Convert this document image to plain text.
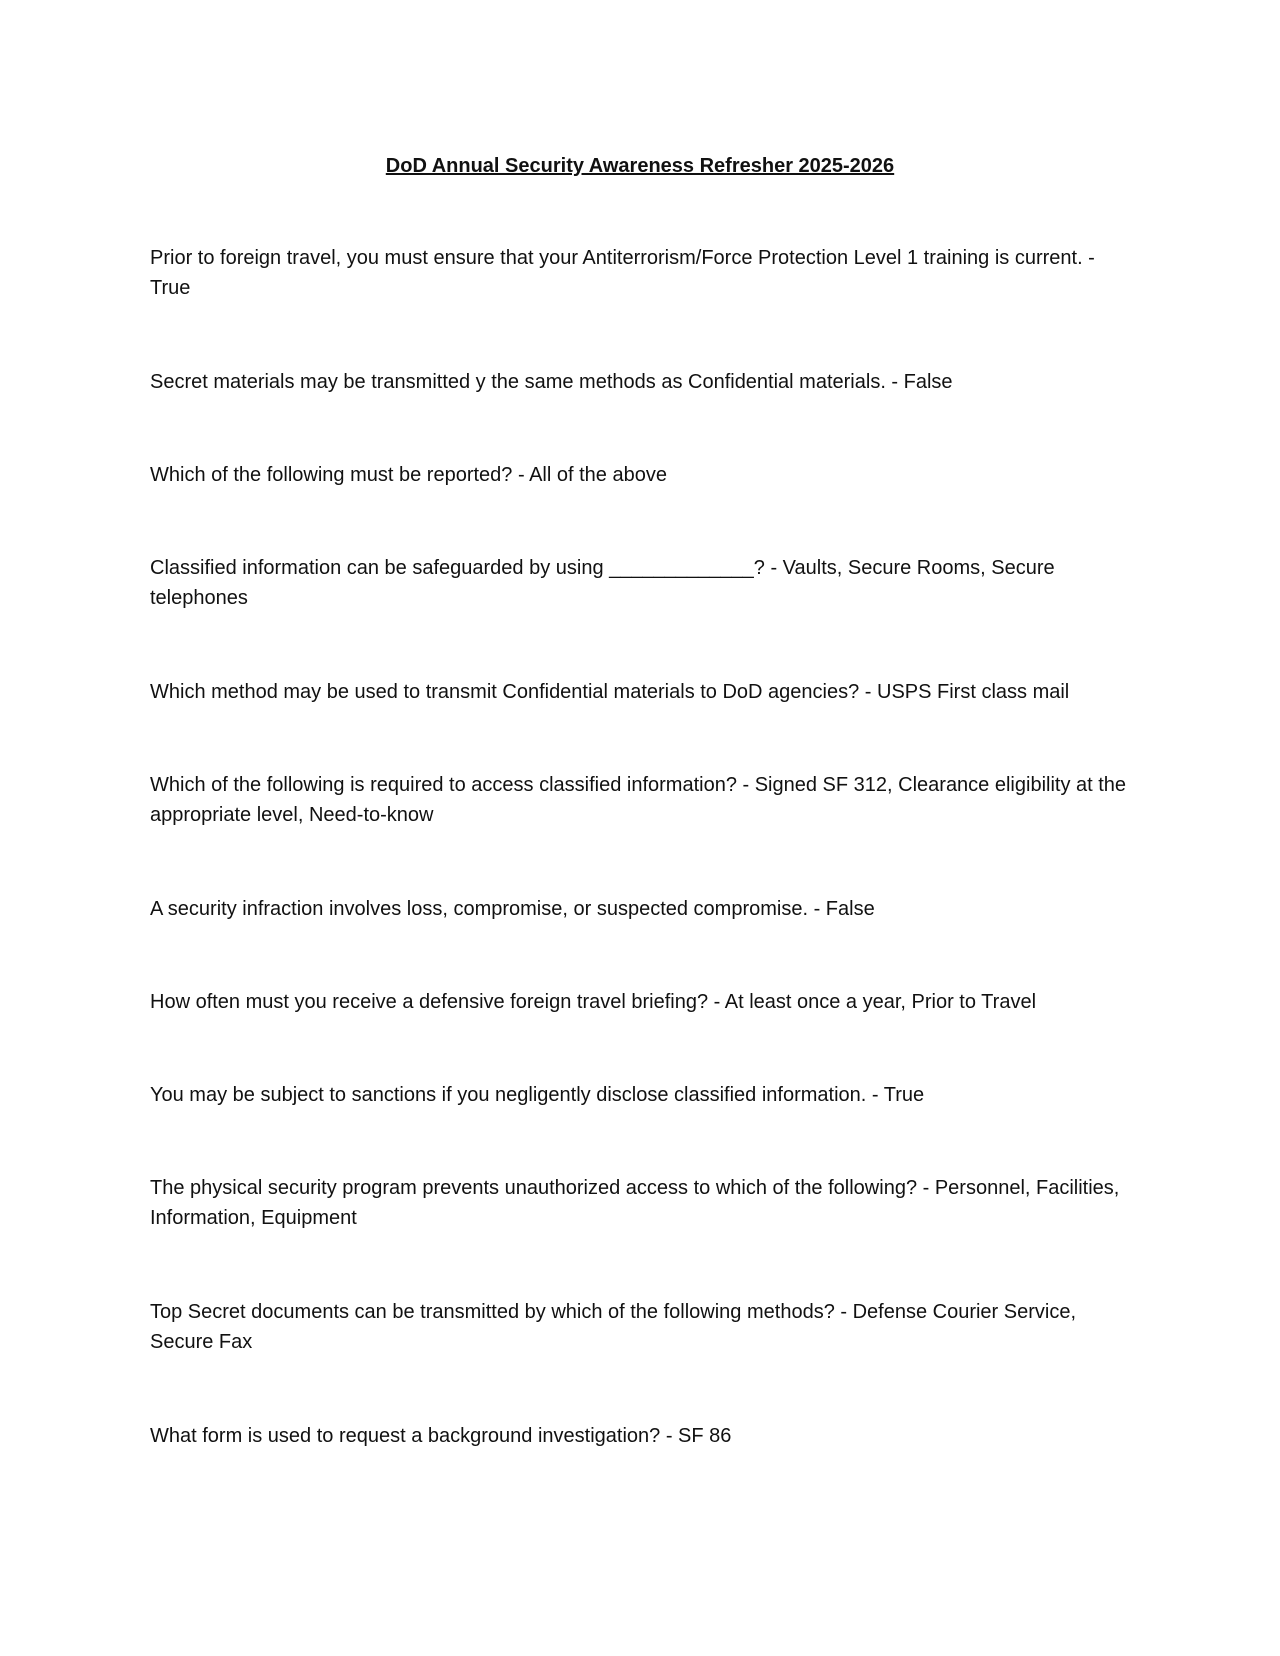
DoD Annual Security Awareness Refresher 2025-2026
Prior to foreign travel, you must ensure that your Antiterrorism/Force Protection Level 1 training is current. - True
Secret materials may be transmitted y the same methods as Confidential materials. - False
Which of the following must be reported? - All of the above
Classified information can be safeguarded by using _____________? - Vaults, Secure Rooms, Secure telephones
Which method may be used to transmit Confidential materials to DoD agencies? - USPS First class mail
Which of the following is required to access classified information? - Signed SF 312, Clearance eligibility at the appropriate level, Need-to-know
A security infraction involves loss, compromise, or suspected compromise. - False
How often must you receive a defensive foreign travel briefing? - At least once a year, Prior to Travel
You may be subject to sanctions if you negligently disclose classified information. - True
The physical security program prevents unauthorized access to which of the following? - Personnel, Facilities, Information, Equipment
Top Secret documents can be transmitted by which of the following methods? - Defense Courier Service, Secure Fax
What form is used to request a background investigation? - SF 86
